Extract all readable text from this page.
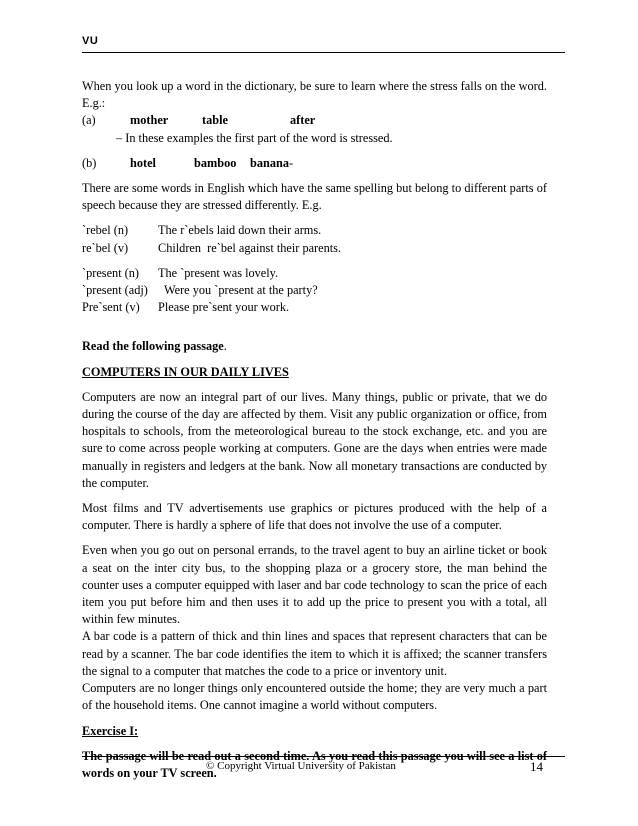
VU

When you look up a word in the dictionary, be sure to learn where the stress falls on the word. E.g.:

(a)	mother	table	after

– In these examples the first part of the word is stressed.

(b)	hotel	bamboo	banana -

There are some words in English which have the same spelling but belong to different parts of speech because they are stressed differently. E.g.

`rebel (n)	The r`ebels laid down their arms.
re`bel (v)	Children  re`bel against their parents.
`present (n)	The `present was lovely.
`present (adj)	Were you `present at the party?
Pre`sent (v)	Please pre`sent your work.

Read the following passage.

COMPUTERS IN OUR DAILY LIVES

Computers are now an integral part of our lives. Many things, public or private, that we do during the course of the day are affected by them. Visit any public organization or office, from hospitals to schools, from the meteorological bureau to the stock exchange, etc. and you are sure to come across people working at computers. Gone are the days when entries were made manually in registers and ledgers at the bank. Now all monetary transactions are conducted by the computer.

Most films and TV advertisements use graphics or pictures produced with the help of a computer. There is hardly a sphere of life that does not involve the use of a computer.

Even when you go out on personal errands, to the travel agent to buy an airline ticket or book a seat on the inter city bus, to the shopping plaza or a grocery store, the man behind the counter uses a computer equipped with laser and bar code technology to scan the price of each item you put before him and then uses it to add up the price to present you with a total, all within few minutes.

A bar code is a pattern of thick and thin lines and spaces that represent characters that can be read by a scanner. The bar code identifies the item to which it is affixed; the scanner transfers the signal to a computer that matches the code to a price or inventory unit.

Computers are no longer things only encountered outside the home; they are very much a part of the household items. One cannot imagine a world without computers.

Exercise I:

The passage will be read out a second time. As you read this passage you will see a list of words on your TV screen.

© Copyright Virtual University of Pakistan	14
